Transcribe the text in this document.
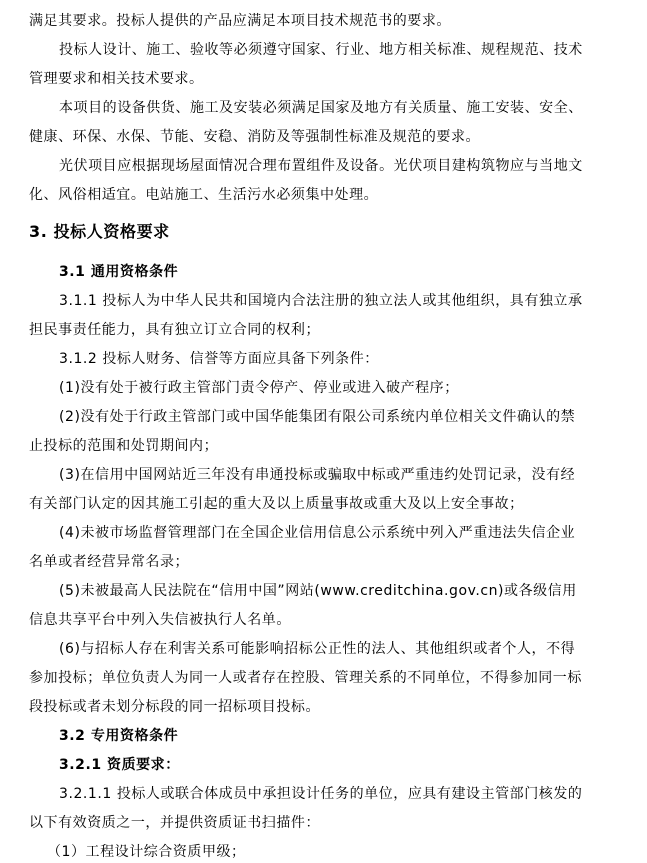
满足其要求。投标人提供的产品应满足本项目技术规范书的要求。
投标人设计、施工、验收等必须遵守国家、行业、地方相关标准、规程规范、技术
管理要求和相关技术要求。
本项目的设备供货、施工及安装必须满足国家及地方有关质量、施工安装、安全、
健康、环保、水保、节能、安稳、消防及等强制性标准及规范的要求。
光伏项目应根据现场屋面情况合理布置组件及设备。光伏项目建构筑物应与当地文
化、风俗相适宜。电站施工、生活污水必须集中处理。
3. 投标人资格要求
3.1 通用资格条件
3.1.1 投标人为中华人民共和国境内合法注册的独立法人或其他组织，具有独立承
担民事责任能力，具有独立订立合同的权利；
3.1.2 投标人财务、信誉等方面应具备下列条件：
(1)没有处于被行政主管部门责令停产、停业或进入破产程序；
(2)没有处于行政主管部门或中国华能集团有限公司系统内单位相关文件确认的禁
止投标的范围和处罚期间内；
(3)在信用中国网站近三年没有串通投标或骗取中标或严重违约处罚记录，没有经
有关部门认定的因其施工引起的重大及以上质量事故或重大及以上安全事故；
(4)未被市场监督管理部门在全国企业信用信息公示系统中列入严重违法失信企业
名单或者经营异常名录；
(5)未被最高人民法院在“信用中国”网站(www.creditchina.gov.cn)或各级信用
信息共享平台中列入失信被执行人名单。
(6)与招标人存在利害关系可能影响招标公正性的法人、其他组织或者个人，不得
参加投标；单位负责人为同一人或者存在控股、管理关系的不同单位，不得参加同一标
段投标或者未划分标段的同一招标项目投标。
3.2 专用资格条件
3.2.1 资质要求：
3.2.1.1 投标人或联合体成员中承担设计任务的单位，应具有建设主管部门核发的
以下有效资质之一，并提供资质证书扫描件：
（1）工程设计综合资质甲级；
